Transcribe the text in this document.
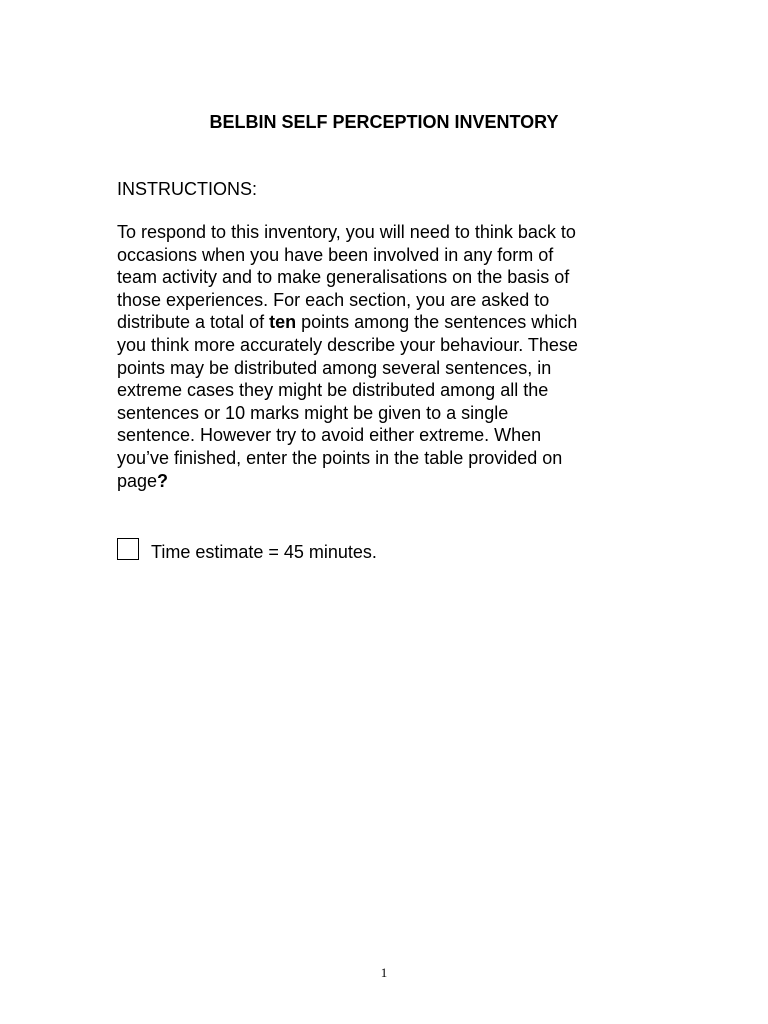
BELBIN SELF PERCEPTION INVENTORY

INSTRUCTIONS:

To respond to this inventory, you will need to think back to
occasions when you have been involved in any form of
team activity and to make generalisations on the basis of
those experiences. For each section, you are asked to
distribute a total of ten points among the sentences which
you think more accurately describe your behaviour. These
points may be distributed among several sentences, in
extreme cases they might be distributed among all the
sentences or 10 marks might be given to a single
sentence. However try to avoid either extreme. When
you’ve finished, enter the points in the table provided on
page?

Time estimate = 45 minutes.
1
